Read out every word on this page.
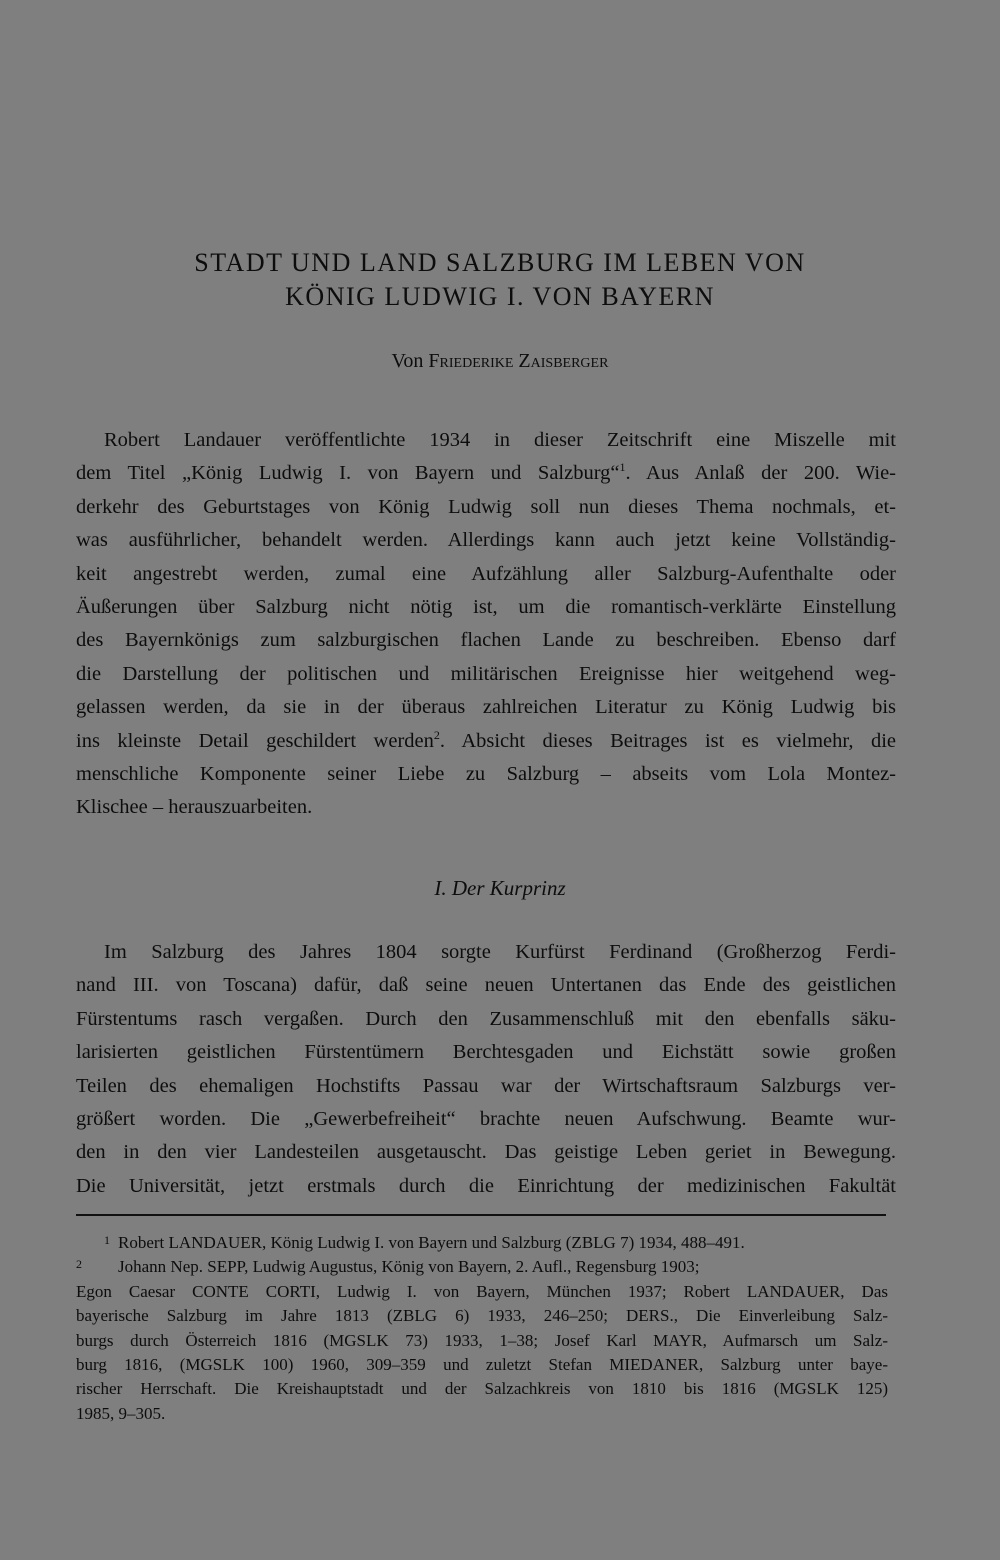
STADT UND LAND SALZBURG IM LEBEN VON
KÖNIG LUDWIG I. VON BAYERN
Von Friederike Zaisberger
Robert Landauer veröffentlichte 1934 in dieser Zeitschrift eine Miszelle mit
dem Titel „König Ludwig I. von Bayern und Salzburg“$^1$. Aus Anlaß der 200. Wie-
derkehr des Geburtstages von König Ludwig soll nun dieses Thema nochmals, et-
was ausführlicher, behandelt werden. Allerdings kann auch jetzt keine Vollständig-
keit angestrebt werden, zumal eine Aufzählung aller Salzburg-Aufenthalte oder
Äußerungen über Salzburg nicht nötig ist, um die romantisch-verklärte Einstellung
des Bayernkönigs zum salzburgischen flachen Lande zu beschreiben. Ebenso darf
die Darstellung der politischen und militärischen Ereignisse hier weitgehend weg-
gelassen werden, da sie in der überaus zahlreichen Literatur zu König Ludwig bis
ins kleinste Detail geschildert werden$^2$. Absicht dieses Beitrages ist es vielmehr, die
menschliche Komponente seiner Liebe zu Salzburg – abseits vom Lola Montez-
Klischee – herauszuarbeiten.
I. Der Kurprinz
Im Salzburg des Jahres 1804 sorgte Kurfürst Ferdinand (Großherzog Ferdi-
nand III. von Toscana) dafür, daß seine neuen Untertanen das Ende des geistlichen
Fürstentums rasch vergaßen. Durch den Zusammenschluß mit den ebenfalls säku-
larisierten geistlichen Fürstentümern Berchtesgaden und Eichstätt sowie großen
Teilen des ehemaligen Hochstifts Passau war der Wirtschaftsraum Salzburgs ver-
größert worden. Die „Gewerbefreiheit“ brachte neuen Aufschwung. Beamte wur-
den in den vier Landesteilen ausgetauscht. Das geistige Leben geriet in Bewegung.
Die Universität, jetzt erstmals durch die Einrichtung der medizinischen Fakultät
1 Robert LANDAUER, König Ludwig I. von Bayern und Salzburg (ZBLG 7) 1934, 488–491.
2 Johann Nep. SEPP, Ludwig Augustus, König von Bayern, 2. Aufl., Regensburg 1903;
Egon Caesar CONTE CORTI, Ludwig I. von Bayern, München 1937; Robert LANDAUER, Das
bayerische Salzburg im Jahre 1813 (ZBLG 6) 1933, 246–250; DERS., Die Einverleibung Salz-
burgs durch Österreich 1816 (MGSLK 73) 1933, 1–38; Josef Karl MAYR, Aufmarsch um Salz-
burg 1816, (MGSLK 100) 1960, 309–359 und zuletzt Stefan MIEDANER, Salzburg unter baye-
rischer Herrschaft. Die Kreishauptstadt und der Salzachkreis von 1810 bis 1816 (MGSLK 125)
1985, 9–305.
